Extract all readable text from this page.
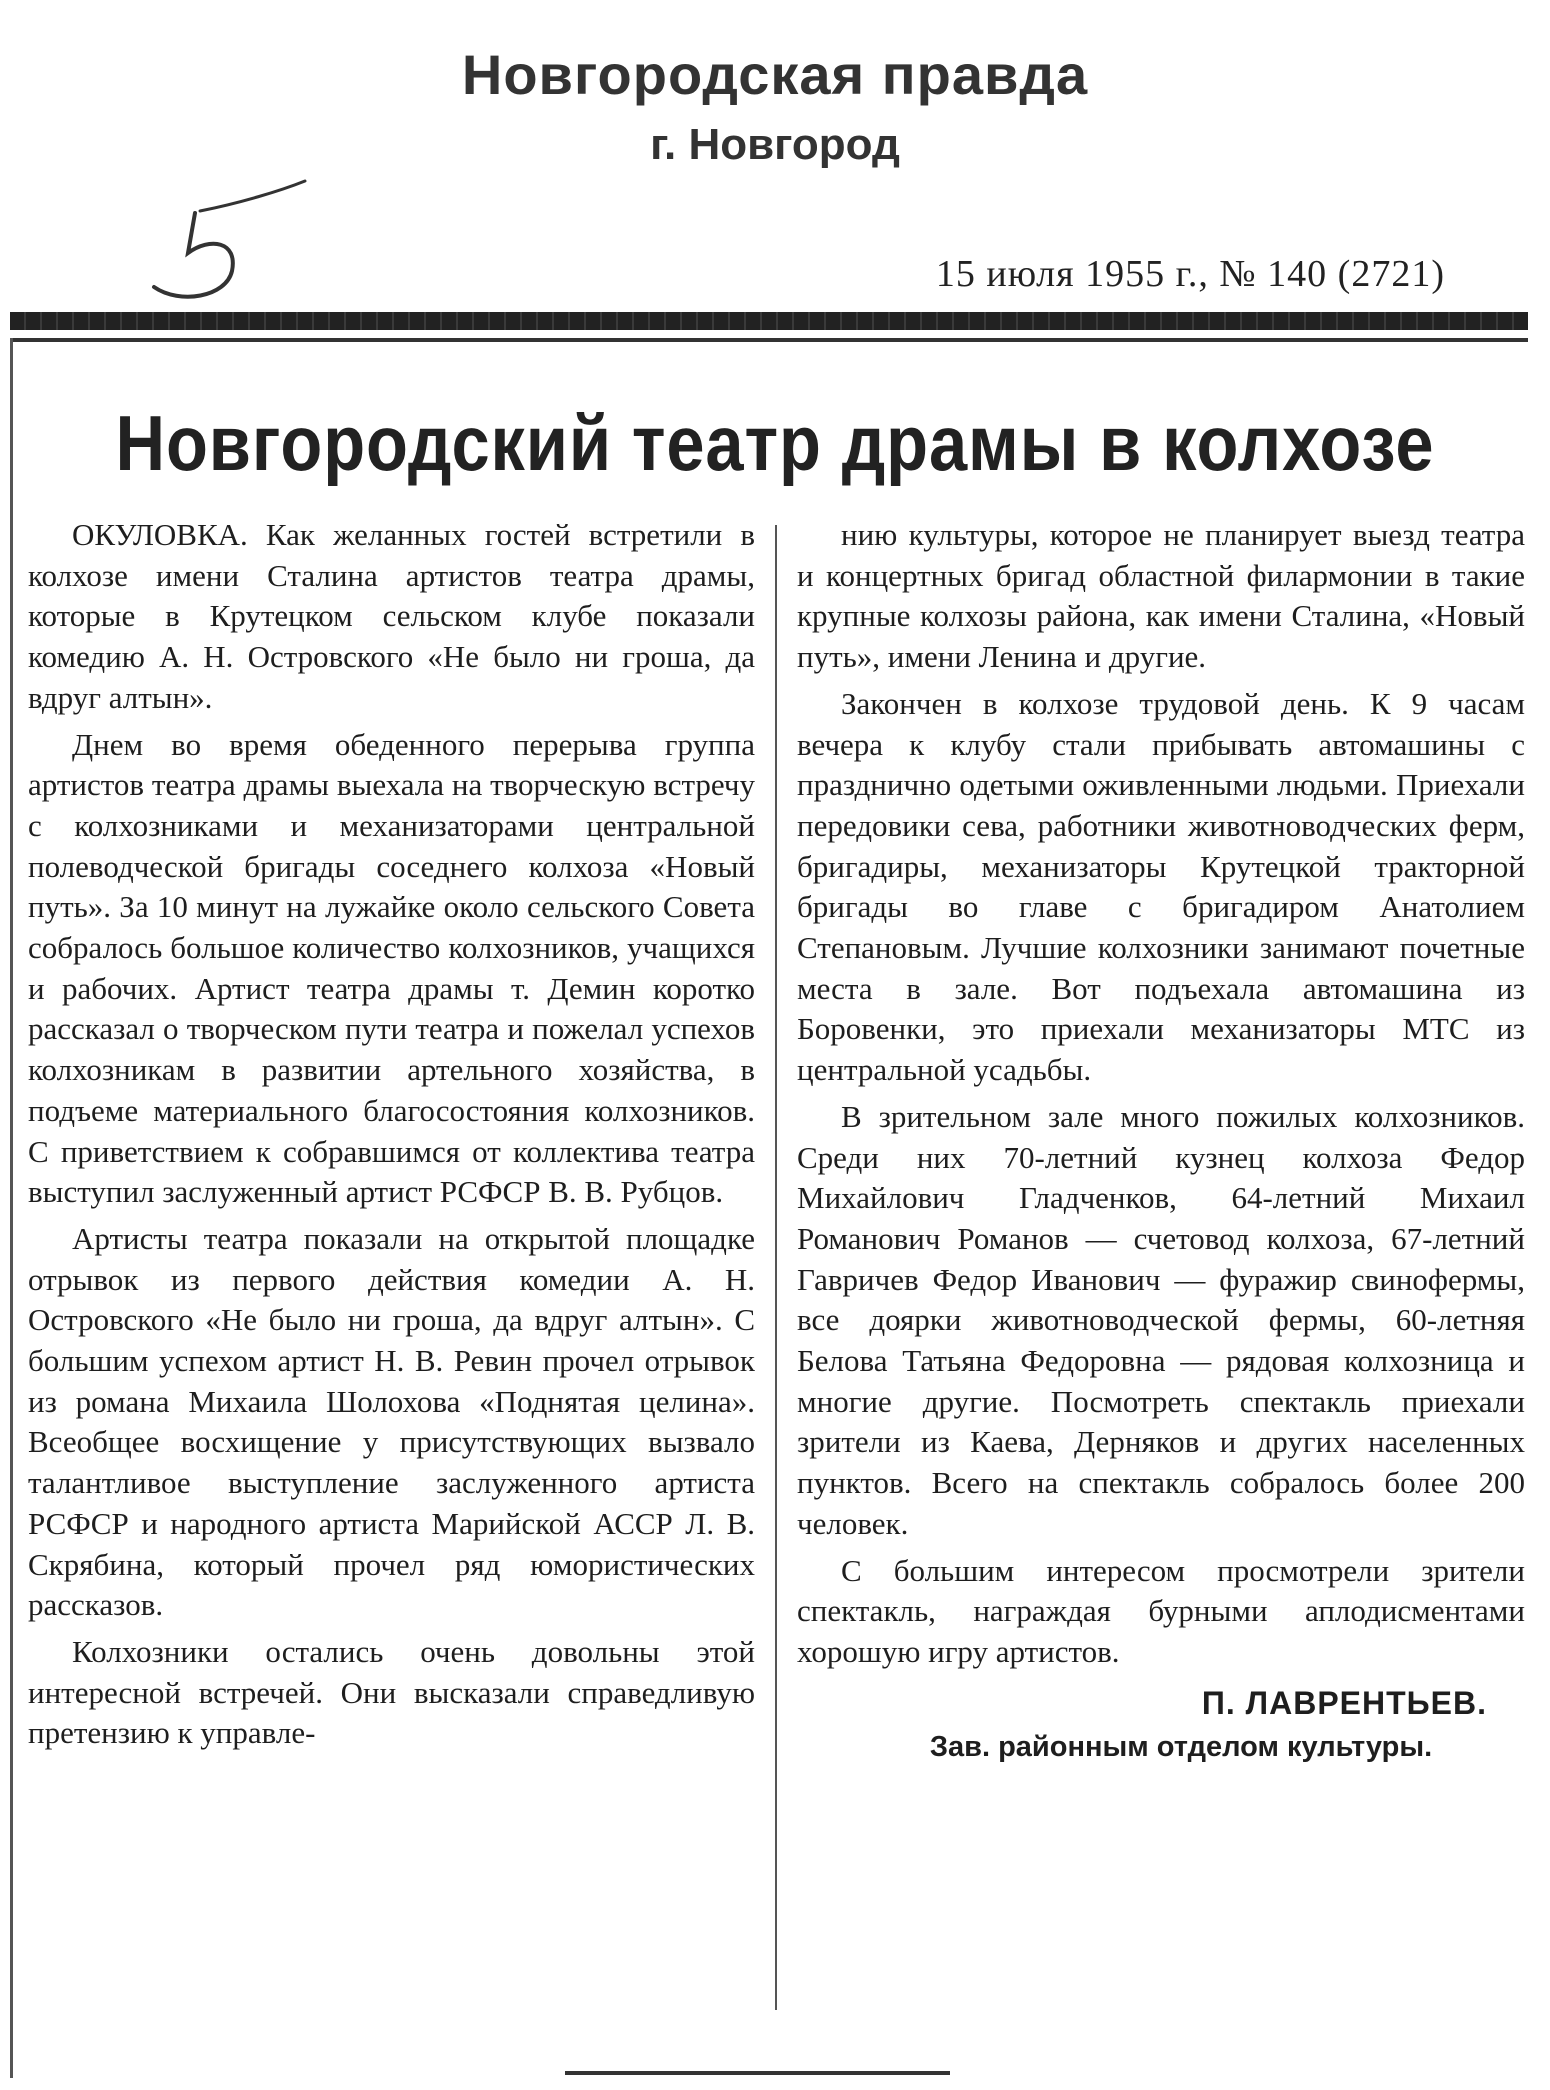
Новгородская правда
г. Новгород
15 июля 1955 г., № 140 (2721)
Новгородский театр драмы в колхозе

ОКУЛОВКА. Как желанных гостей встретили в колхозе имени Сталина артистов театра драмы, которые в Крутецком сельском клубе показали комедию А. Н. Островского «Не было ни гроша, да вдруг алтын».

Днем во время обеденного перерыва группа артистов театра драмы выехала на творческую встречу с колхозниками и механизаторами центральной полеводческой бригады соседнего колхоза «Новый путь». За 10 минут на лужайке около сельского Совета собралось большое количество колхозников, учащихся и рабочих. Артист театра драмы т. Демин коротко рассказал о творческом пути театра и пожелал успехов колхозникам в развитии артельного хозяйства, в подъеме материального благосостояния колхозников. С приветствием к собравшимся от коллектива театра выступил заслуженный артист РСФСР В. В. Рубцов.

Артисты театра показали на открытой площадке отрывок из первого действия комедии А. Н. Островского «Не было ни гроша, да вдруг алтын». С большим успехом артист Н. В. Ревин прочел отрывок из романа Михаила Шолохова «Поднятая целина». Всеобщее восхищение у присутствующих вызвало талантливое выступление заслуженного артиста РСФСР и народного артиста Марийской АССР Л. В. Скрябина, который прочел ряд юмористических рассказов.

Колхозники остались очень довольны этой интересной встречей. Они высказали справедливую претензию к управле-

нию культуры, которое не планирует выезд театра и концертных бригад областной филармонии в такие крупные колхозы района, как имени Сталина, «Новый путь», имени Ленина и другие.

Закончен в колхозе трудовой день. К 9 часам вечера к клубу стали прибывать автомашины с празднично одетыми оживленными людьми. Приехали передовики сева, работники животноводческих ферм, бригадиры, механизаторы Крутецкой тракторной бригады во главе с бригадиром Анатолием Степановым. Лучшие колхозники занимают почетные места в зале. Вот подъехала автомашина из Боровенки, это приехали механизаторы МТС из центральной усадьбы.

В зрительном зале много пожилых колхозников. Среди них 70-летний кузнец колхоза Федор Михайлович Гладченков, 64-летний Михаил Романович Романов — счетовод колхоза, 67-летний Гавричев Федор Иванович — фуражир свинофермы, все доярки животноводческой фермы, 60-летняя Белова Татьяна Федоровна — рядовая колхозница и многие другие. Посмотреть спектакль приехали зрители из Каева, Дерняков и других населенных пунктов. Всего на спектакль собралось более 200 человек.

С большим интересом просмотрели зрители спектакль, награждая бурными аплодисментами хорошую игру артистов.

П. ЛАВРЕНТЬЕВ.
Зав. районным отделом культуры.
